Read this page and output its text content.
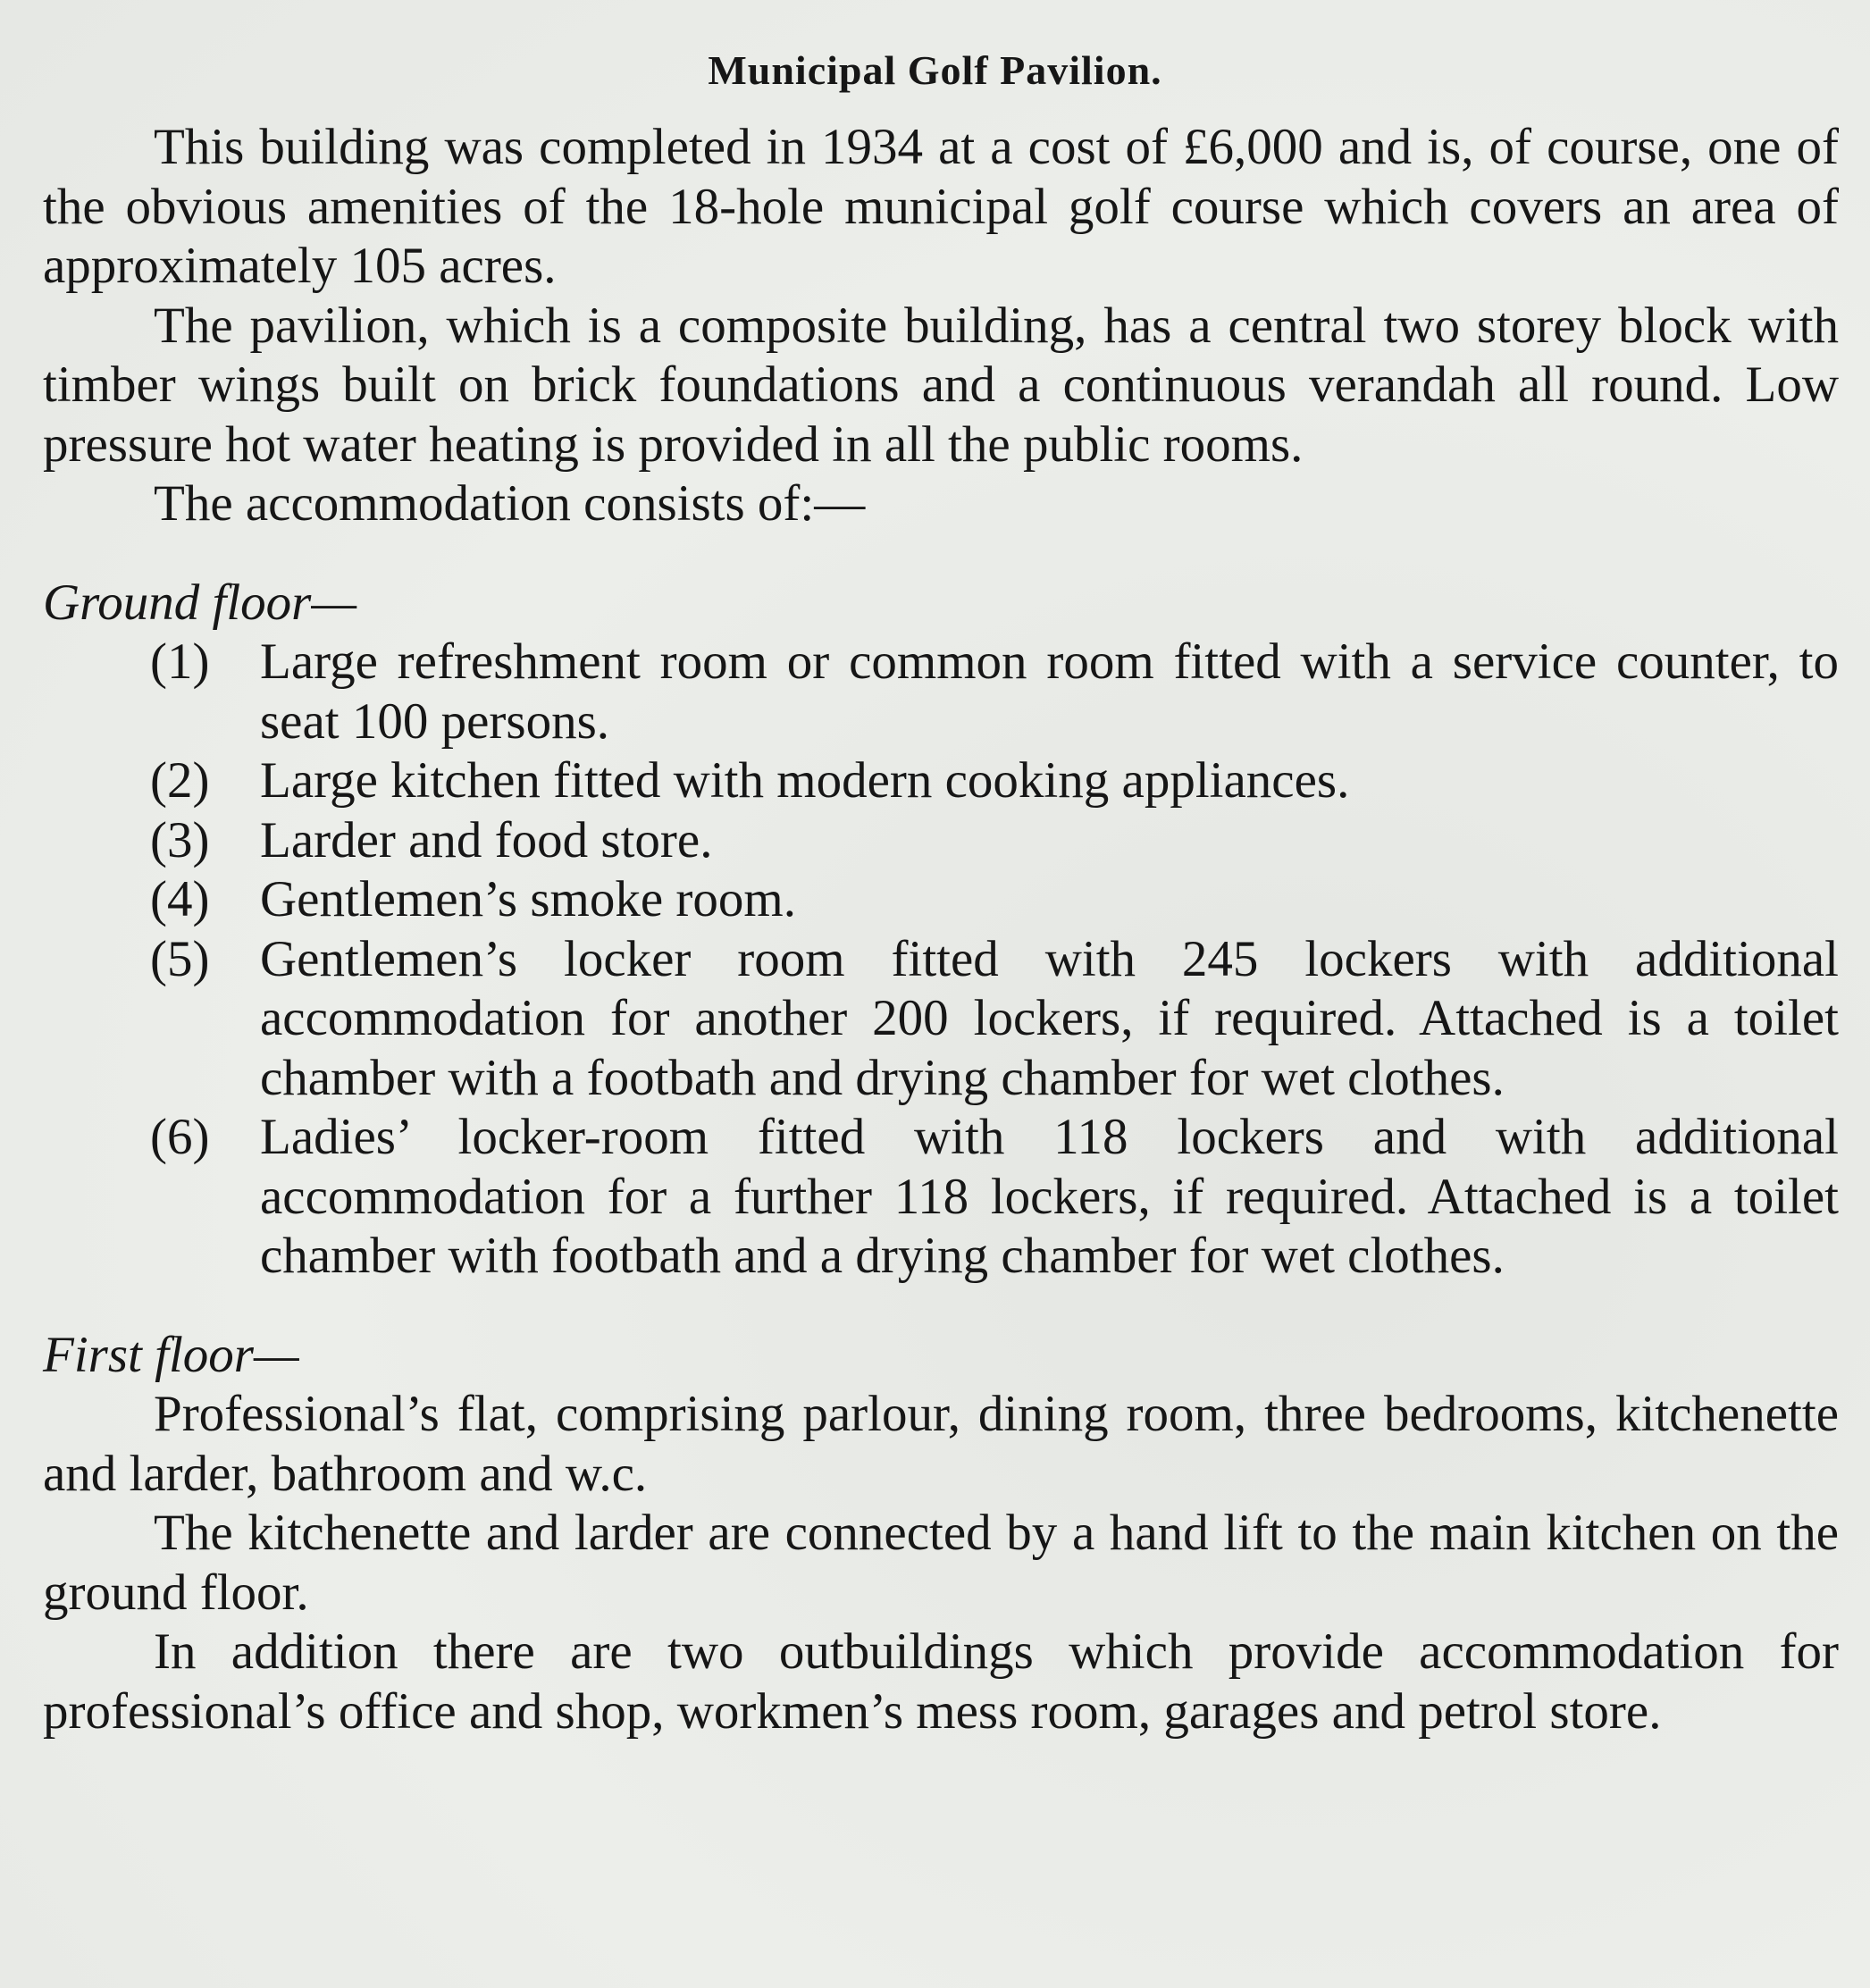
Municipal Golf Pavilion.

This building was completed in 1934 at a cost of £6,000 and is, of course, one of the obvious amenities of the 18-hole municipal golf course which covers an area of approximately 105 acres.

The pavilion, which is a composite building, has a central two storey block with timber wings built on brick foundations and a continuous verandah all round. Low pressure hot water heating is provided in all the public rooms.

The accommodation consists of:—

Ground floor—

(1) Large refreshment room or common room fitted with a service counter, to seat 100 persons.
(2) Large kitchen fitted with modern cooking appliances.
(3) Larder and food store.
(4) Gentlemen’s smoke room.
(5) Gentlemen’s locker room fitted with 245 lockers with additional accommodation for another 200 lockers, if required. Attached is a toilet chamber with a footbath and drying chamber for wet clothes.
(6) Ladies’ locker-room fitted with 118 lockers and with additional accommodation for a further 118 lockers, if required. Attached is a toilet chamber with footbath and a drying chamber for wet clothes.

First floor—

Professional’s flat, comprising parlour, dining room, three bedrooms, kitchenette and larder, bathroom and w.c.

The kitchenette and larder are connected by a hand lift to the main kitchen on the ground floor.

In addition there are two outbuildings which provide accommodation for professional’s office and shop, workmen’s mess room, garages and petrol store.
